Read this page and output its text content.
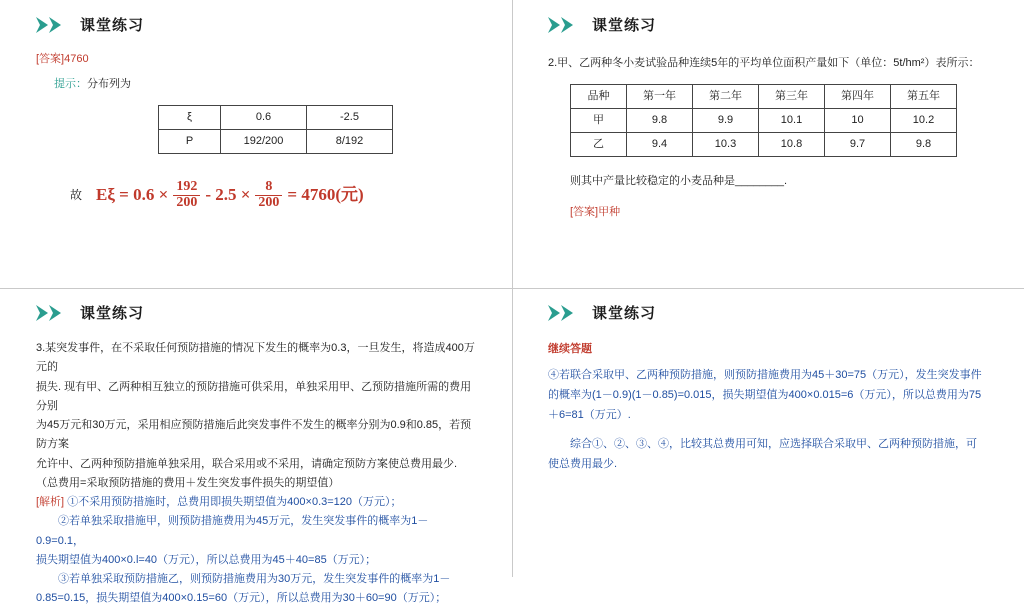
课堂练习
[答案]4760
提示：分布列为
ξ	0.6	-2.5
P	192/200	8/192
故 $E\xi = 0.6 \times \frac{192}{200} - 2.5 \times \frac{8}{200} = 4760$(元)
课堂练习
2.甲、乙两种冬小麦试验品种连续5年的平均单位面积产量如下（单位：5t/hm²）表所示：
品种	第一年	第二年	第三年	第四年	第五年
甲	9.8	9.9	10.1	10	10.2
乙	9.4	10.3	10.8	9.7	9.8
则其中产量比较稳定的小麦品种是________.
[答案]甲种
课堂练习

3.某突发事件，在不采取任何预防措施的情况下发生的概率为0.3，一旦发生，将造成400万元的

损失. 现有甲、乙两种相互独立的预防措施可供采用，单独采用甲、乙预防措施所需的费用分别

为45万元和30万元，采用相应预防措施后此突发事件不发生的概率分别为0.9和0.85，若预防方案

允许中、乙两种预防措施单独采用，联合采用或不采用，请确定预防方案使总费用最少.

（总费用=采取预防措施的费用＋发生突发事件损失的期望值）

[解析] ①不采用预防措施时，总费用即损失期望值为400×0.3=120（万元）；

②若单独采取措施甲，则预防措施费用为45万元，发生突发事件的概率为1－0.9=0.1，

损失期望值为400×0.l=40（万元），所以总费用为45＋40=85（万元）；

③若单独采取预防措施乙，则预防措施费用为30万元，发生突发事件的概率为1－

0.85=0.15，损失期望值为400×0.15=60（万元），所以总费用为30＋60=90（万元）；

课堂练习
继续答题

④若联合采取甲、乙两种预防措施，则预防措施费用为45＋30=75（万元），发生突发事件

的概率为(1－0.9)(1－0.85)=0.015，损失期望值为400×0.015=6（万元），所以总费用为75

＋6=81（万元）.

综合①、②、③、④，比较其总费用可知，应选择联合采取甲、乙两种预防措施，可

使总费用最少.
